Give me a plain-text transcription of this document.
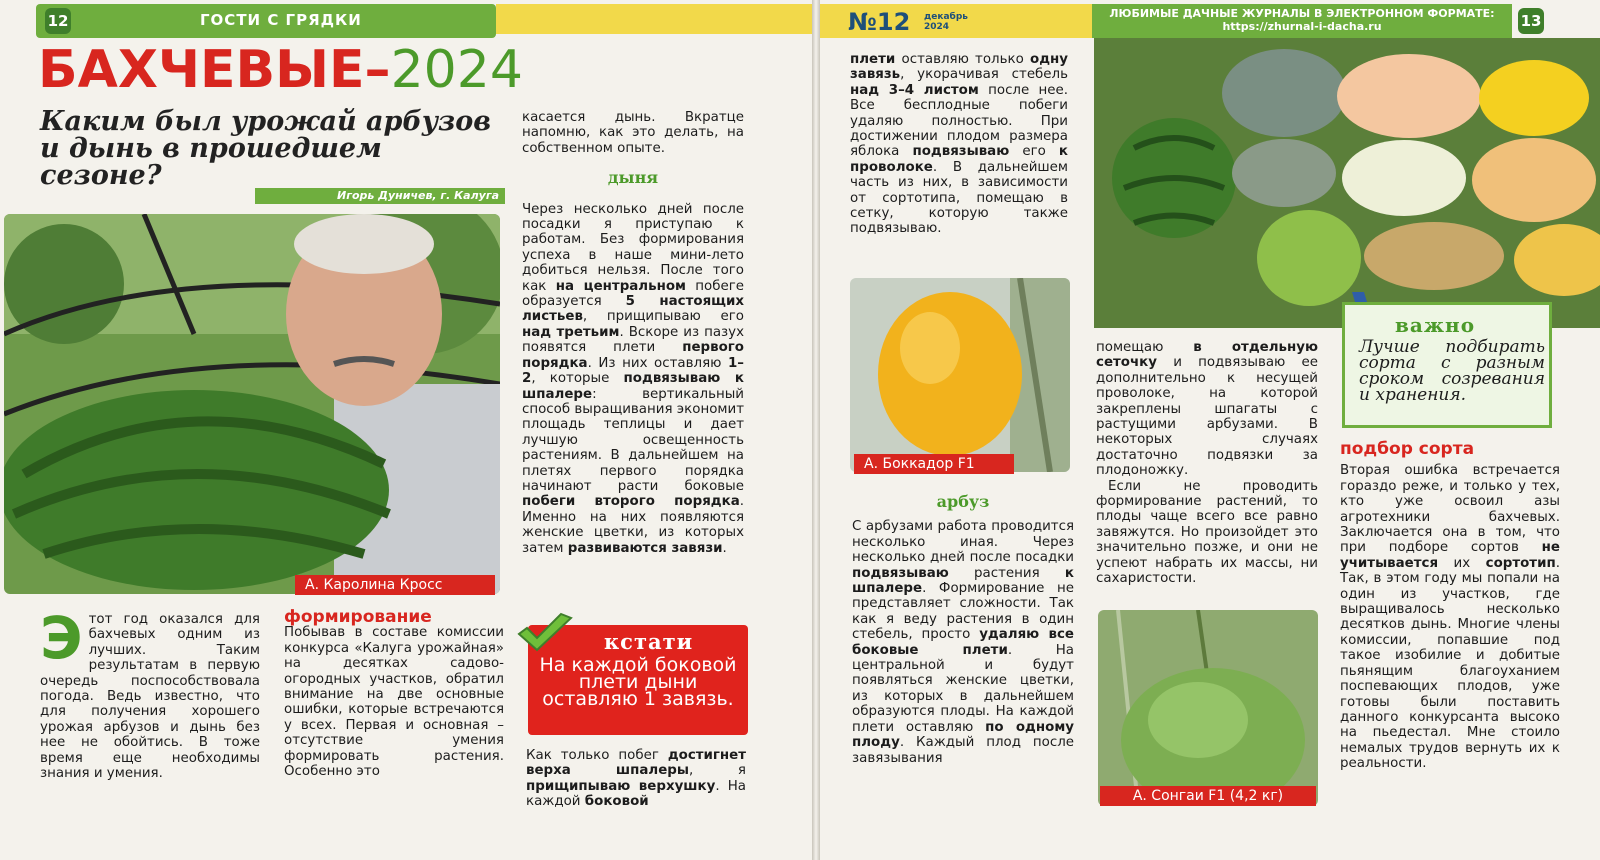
12	ГОСТИ С ГРЯДКИ
БАХЧЕВЫЕ–2024
Каким был урожай арбузов и дынь в прошедшем сезоне?
Игорь Дуничев, г. Калуга
А. Каролина Кросс
Э тот год оказался для бахчевых одним из лучших. Таким результатам в первую очередь поспособствовала погода. Ведь известно, что для получения хорошего урожая арбузов и дынь без нее не обойтись. В тоже время еще необходимы знания и умения.
формирование

Побывав в составе комиссии конкурса «Калуга урожайная» на десятках садово-огородных участков, обратил внимание на две основные ошибки, которые встречаются у всех. Первая и основная – отсутствие умения формировать растения. Особенно это

касается дынь. Вкратце напомню, как это делать, на собственном опыте.

дыня

Через несколько дней после посадки я приступаю к работам. Без формирования успеха в наше мини-лето добиться нельзя. После того как на центральном побеге образуется 5 настоящих листьев, прищипываю его над третьим. Вскоре из пазух появятся плети первого порядка. Из них оставляю 1–2, которые подвязываю к шпалере: вертикальный способ выращивания экономит площадь теплицы и дает лучшую освещенность растениям. В дальнейшем на плетях первого порядка начинают расти боковые побеги второго порядка. Именно на них появляются женские цветки, из которых затем развиваются завязи.

Как только побег достигнет верха шпалеры, я прищипываю верхушку. На каждой боковой

кстати
На каждой боковой плети дыни оставляю 1 завязь.
№12 декабрь
2024
ЛЮБИМЫЕ ДАЧНЫЕ ЖУРНАЛЫ В ЭЛЕКТРОННОМ ФОРМАТЕ: https://zhurnal-i-dacha.ru	13

плети оставляю только одну завязь, укорачивая стебель над 3–4 листом после нее. Все бесплодные побеги удаляю полностью. При достижении плодом размера яблока подвязываю его к проволоке. В дальнейшем часть из них, в зависимости от сортотипа, помещаю в сетку, которую также подвязываю.

А. Боккадор F1
арбуз

С арбузами работа проводится несколько иная. Через несколько дней после посадки подвязываю растения к шпалере. Формирование не представляет сложности. Так как я веду растения в один стебель, просто удаляю все боковые плети. На центральной и будут появляться женские цветки, из которых в дальнейшем образуются плоды. На каждой плети оставляю по одному плоду. Каждый плод после завязывания

важно
Лучше подбирать сорта с разным сроком созревания и хранения.

помещаю в отдельную сеточку и подвязываю ее дополнительно к несущей проволоке, на которой закреплены шпагаты с растущими арбузами. В некоторых случаях достаточно подвязки за плодоножку.

Если не проводить формирование растений, то плоды чаще всего все равно завяжутся. Но произойдет это значительно позже, и они не успеют набрать их массы, ни сахаристости.

А. Сонгаи F1 (4,2 кг)
подбор сорта

Вторая ошибка встречается гораздо реже, и только у тех, кто уже освоил азы агротехники бахчевых. Заключается она в том, что при подборе сортов не учитывается их сортотип. Так, в этом году мы попали на один из участков, где выращивалось несколько десятков дынь. Многие члены комиссии, попавшие под такое изобилие и добитые пьянящим благоуханием поспевающих плодов, уже готовы были поставить данного конкурсанта высоко на пьедестал. Мне стоило немалых трудов вернуть их к реальности.
